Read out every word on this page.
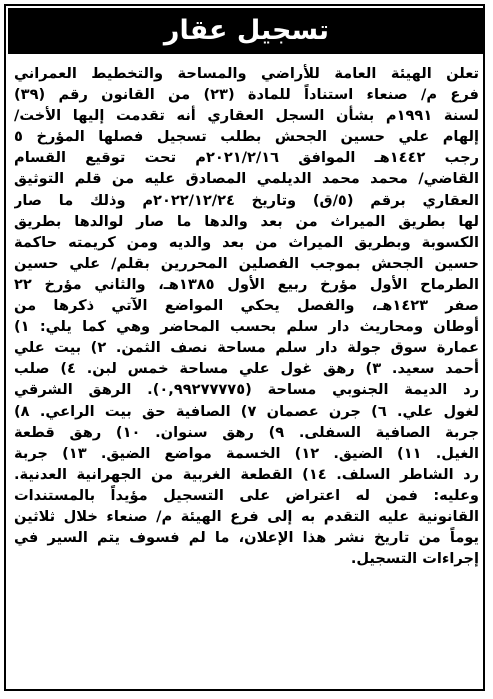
تسجيل عقار
تعلن الهيئة العامة للأراضي والمساحة والتخطيط العمراني
فرع م/ صنعاء استناداً للمادة (٢٣) من القانون رقم (٣٩)
لسنة ١٩٩١م بشأن السجل العقاري أنه تقدمت إليها الأخت/
إلهام علي حسين الجحش بطلب تسجيل فصلها المؤرخ ٥
رجب ١٤٤٢هـ الموافق ٢٠٢١/٢/١٦م تحت توقيع القسام
القاضي/ محمد محمد الديلمي المصادق عليه من قلم التوثيق
العقاري برقم (٥/ق) وتاريخ ٢٠٢٢/١٢/٢٤م وذلك ما صار
لها بطريق الميراث من بعد والدها ما صار لوالدها بطريق
الكسوبة وبطريق الميراث من بعد والديه ومن كريمته حاكمة
حسين الجحش بموجب الفصلين المحررين بقلم/ علي حسين
الطرماح الأول مؤرخ ربيع الأول ١٣٨٥هـ، والثاني مؤرخ ٢٢
صفر ١٤٢٣هـ، والفصل يحكي المواضع الآتي ذكرها من
أوطان ومحاريث دار سلم بحسب المحاضر وهي كما يلي: ١)
عمارة سوق جولة دار سلم مساحة نصف الثمن. ٢) بيت علي
أحمد سعيد. ٣) رهق غول علي مساحة خمس لبن. ٤) صلب
رد الديمة الجنوبي مساحة (٠,٩٩٢٧٧٧٧٥). الرهق الشرقي
لغول علي. ٦) جرن عصمان ٧) الصافية حق بيت الراعي. ٨)
جربة الصافية السفلى. ٩) رهق سنوان. ١٠) رهق قطعة
الغيل. ١١) الضيق. ١٢) الخسمة مواضع الضيق. ١٣) جربة
رد الشاطر السلف. ١٤) القطعة الغربية من الجهرانية العدنية.
وعليه: فمن له اعتراض على التسجيل مؤيداً بالمستندات
القانونية عليه التقدم به إلى فرع الهيئة م/ صنعاء خلال ثلاثين
يوماً من تاريخ نشر هذا الإعلان، ما لم فسوف يتم السير في
إجراءات التسجيل.
